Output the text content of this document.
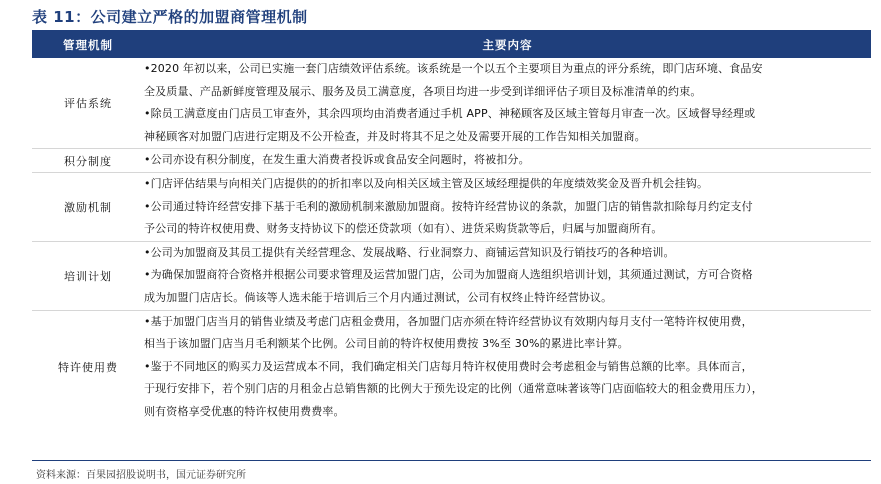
表 11：公司建立严格的加盟商管理机制
管理机制	主要内容
评估系统	•2020 年初以来，公司已实施一套门店绩效评估系统。该系统是一个以五个主要项目为重点的评分系统，即门店环境、食品安
全及质量、产品新鲜度管理及展示、服务及员工满意度，各项目均进一步受到详细评估子项目及标准清单的约束。
•除员工满意度由门店员工审查外，其余四项均由消费者通过手机 APP、神秘顾客及区域主管每月审查一次。区域督导经理或
神秘顾客对加盟门店进行定期及不公开检查，并及时将其不足之处及需要开展的工作告知相关加盟商。

积分制度	•公司亦设有积分制度，在发生重大消费者投诉或食品安全问题时，将被扣分。

激励机制	•门店评估结果与向相关门店提供的的折扣率以及向相关区域主管及区域经理提供的年度绩效奖金及晋升机会挂钩。
•公司通过特许经营安排下基于毛利的激励机制来激励加盟商。按特许经营协议的条款，加盟门店的销售款扣除每月约定支付
予公司的特许权使用费、财务支持协议下的偿还贷款项（如有）、进货采购货款等后，归属与加盟商所有。

培训计划	•公司为加盟商及其员工提供有关经营理念、发展战略、行业洞察力、商铺运营知识及行销技巧的各种培训。
•为确保加盟商符合资格并根据公司要求管理及运营加盟门店，公司为加盟商人选组织培训计划，其须通过测试，方可合资格
成为加盟门店店长。倘该等人选未能于培训后三个月内通过测试，公司有权终止特许经营协议。

特许使用费	•基于加盟门店当月的销售业绩及考虑门店租金费用，各加盟门店亦须在特许经营协议有效期内每月支付一笔特许权使用费，
相当于该加盟门店当月毛利额某个比例。公司目前的特许权使用费按 3%至 30%的累进比率计算。
•鉴于不同地区的购买力及运营成本不同，我们确定相关门店每月特许权使用费时会考虑租金与销售总额的比率。具体而言，
于现行安排下，若个别门店的月租金占总销售额的比例大于预先设定的比例（通常意味著该等门店面临较大的租金费用压力），
则有资格享受优惠的特许权使用费费率。
资料来源：百果园招股说明书，国元证券研究所
